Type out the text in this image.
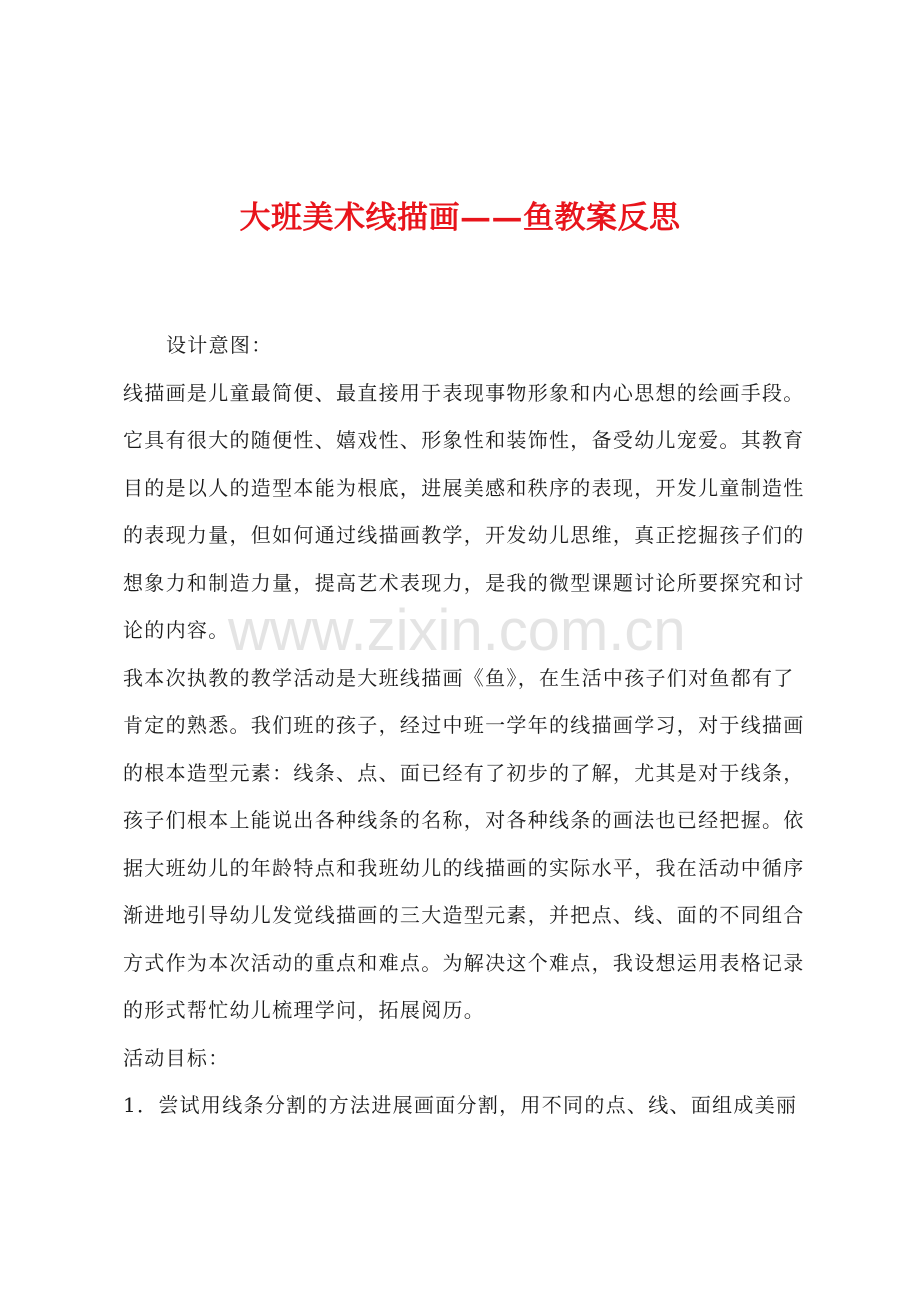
大班美术线描画——鱼教案反思
www.zixin.com.cn
设计意图：
线描画是儿童最简便、最直接用于表现事物形象和内心思想的绘画手段。
它具有很大的随便性、嬉戏性、形象性和装饰性，备受幼儿宠爱。其教育
目的是以人的造型本能为根底，进展美感和秩序的表现，开发儿童制造性
的表现力量，但如何通过线描画教学，开发幼儿思维，真正挖掘孩子们的
想象力和制造力量，提高艺术表现力，是我的微型课题讨论所要探究和讨
论的内容。
我本次执教的教学活动是大班线描画《鱼》，在生活中孩子们对鱼都有了
肯定的熟悉。我们班的孩子，经过中班一学年的线描画学习，对于线描画
的根本造型元素：线条、点、面已经有了初步的了解，尤其是对于线条，
孩子们根本上能说出各种线条的名称，对各种线条的画法也已经把握。依
据大班幼儿的年龄特点和我班幼儿的线描画的实际水平，我在活动中循序
渐进地引导幼儿发觉线描画的三大造型元素，并把点、线、面的不同组合
方式作为本次活动的重点和难点。为解决这个难点，我设想运用表格记录
的形式帮忙幼儿梳理学问，拓展阅历。
活动目标：
1．尝试用线条分割的方法进展画面分割，用不同的点、线、面组成美丽
